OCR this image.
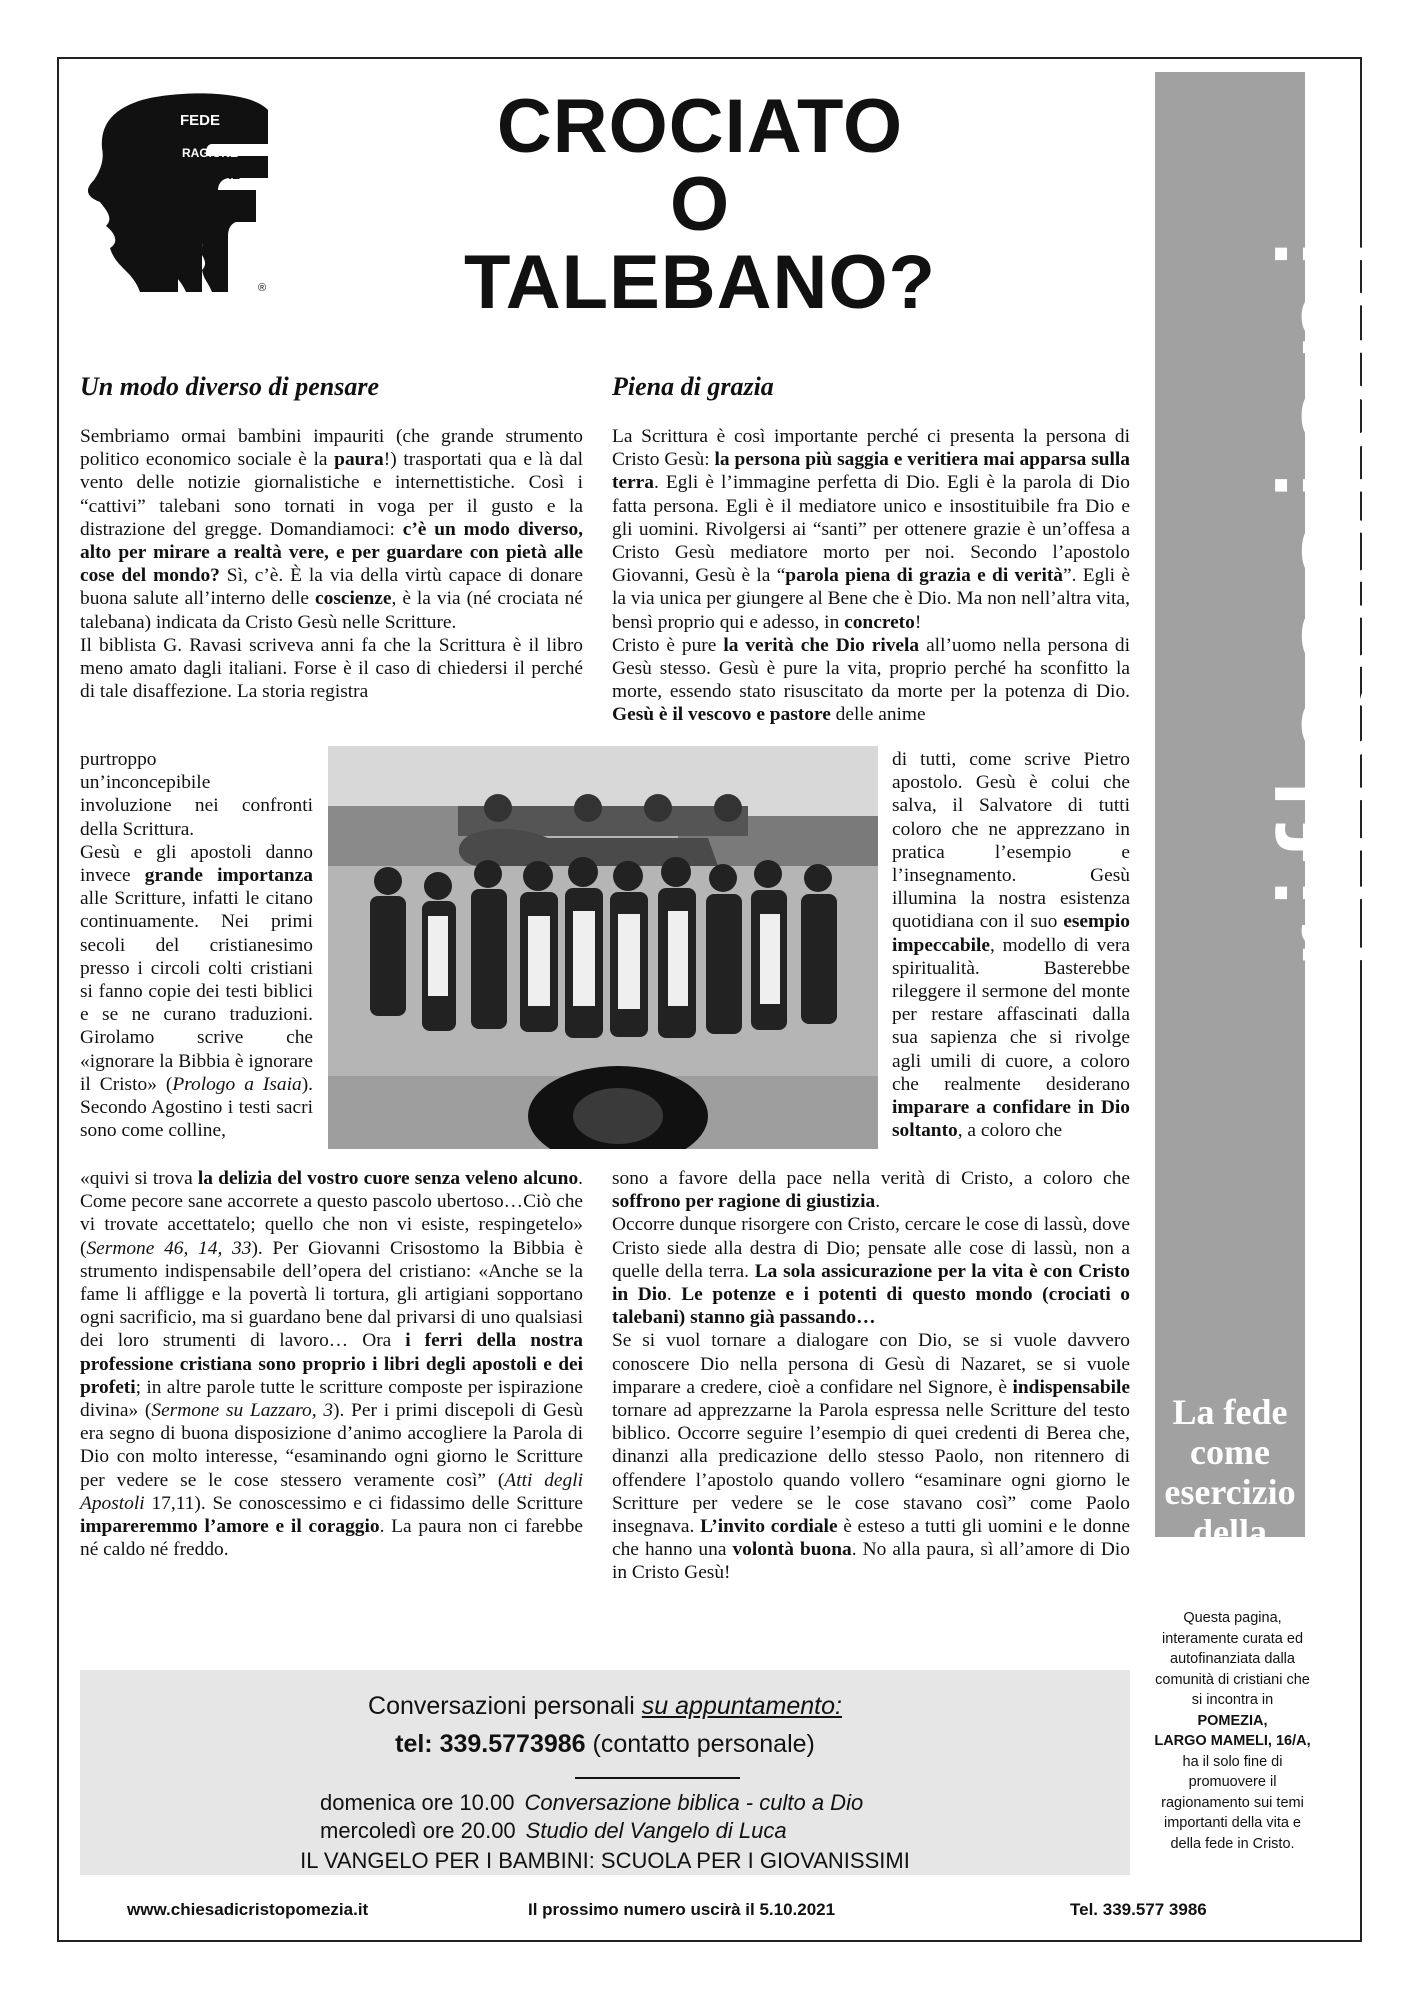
FEDE
RAGIONE
RAGIONE
FEDE
®
CROCIATO
O
TALEBANO?	riflessioni
La fede
come
esercizio
della
mente
Un modo diverso di pensare	Piena di grazia

Sembriamo ormai bambini impauriti (che grande strumento politico economico sociale è la paura!) trasportati qua e là dal vento delle notizie giornalistiche e internettistiche. Così i “cattivi” talebani sono tornati in voga per il gusto e la distrazione del gregge. Domandiamoci: c’è un modo diverso, alto per mirare a realtà vere, e per guardare con pietà alle cose del mondo? Sì, c’è. È la via della virtù capace di donare buona salute all’interno delle coscienze, è la via (né crociata né talebana) indicata da Cristo Gesù nelle Scritture.

Il biblista G. Ravasi scriveva anni fa che la Scrittura è il libro meno amato dagli italiani. Forse è il caso di chiedersi il perché di tale disaffezione. La storia registra

purtroppo
un’inconcepibile
involuzione nei confronti della Scrittura.

Gesù e gli apostoli danno invece grande importanza alle Scritture, infatti le citano continuamente. Nei primi secoli del cristianesimo presso i circoli colti cristiani si fanno copie dei testi biblici e se ne curano traduzioni. Girolamo scrive che «ignorare la Bibbia è ignorare il Cristo» (Prologo a Isaia). Secondo Agostino i testi sacri sono come colline,

«quivi si trova la delizia del vostro cuore senza veleno alcuno. Come pecore sane accorrete a questo pascolo ubertoso…Ciò che vi trovate accettatelo; quello che non vi esiste, respingetelo» (Sermone 46, 14, 33). Per Giovanni Crisostomo la Bibbia è strumento indispensabile dell’opera del cristiano: «Anche se la fame li affligge e la povertà li tortura, gli artigiani sopportano ogni sacrificio, ma si guardano bene dal privarsi di uno qualsiasi dei loro strumenti di lavoro… Ora i ferri della nostra professione cristiana sono proprio i libri degli apostoli e dei profeti; in altre parole tutte le scritture composte per ispirazione divina» (Sermone su Lazzaro, 3). Per i primi discepoli di Gesù era segno di buona disposizione d’animo accogliere la Parola di Dio con molto interesse, “esaminando ogni giorno le Scritture per vedere se le cose stessero veramente così” (Atti degli Apostoli 17,11). Se conoscessimo e ci fidassimo delle Scritture impareremmo l’amore e il coraggio. La paura non ci farebbe né caldo né freddo.

La Scrittura è così importante perché ci presenta la persona di Cristo Gesù: la persona più saggia e veritiera mai apparsa sulla terra. Egli è l’immagine perfetta di Dio. Egli è la parola di Dio fatta persona. Egli è il mediatore unico e insostituibile fra Dio e gli uomini. Rivolgersi ai “santi” per ottenere grazie è un’offesa a Cristo Gesù mediatore morto per noi. Secondo l’apostolo Giovanni, Gesù è la “parola piena di grazia e di verità”. Egli è la via unica per giungere al Bene che è Dio. Ma non nell’altra vita, bensì proprio qui e adesso, in concreto!

Cristo è pure la verità che Dio rivela all’uomo nella persona di Gesù stesso. Gesù è pure la vita, proprio perché ha sconfitto la morte, essendo stato risuscitato da morte per la potenza di Dio. Gesù è il vescovo e pastore delle anime

di tutti, come scrive Pietro apostolo. Gesù è colui che salva, il Salvatore di tutti coloro che ne apprezzano in pratica l’esempio e l’insegnamento. Gesù illumina la nostra esistenza quotidiana con il suo esempio impeccabile, modello di vera spiritualità. Basterebbe rileggere il sermone del monte per restare affascinati dalla sua sapienza che si rivolge agli umili di cuore, a coloro che realmente desiderano imparare a confidare in Dio soltanto, a coloro che

sono a favore della pace nella verità di Cristo, a coloro che soffrono per ragione di giustizia.

Occorre dunque risorgere con Cristo, cercare le cose di lassù, dove Cristo siede alla destra di Dio; pensate alle cose di lassù, non a quelle della terra. La sola assicurazione per la vita è con Cristo in Dio. Le potenze e i potenti di questo mondo (crociati o talebani) stanno già passando…

Se si vuol tornare a dialogare con Dio, se si vuole davvero conoscere Dio nella persona di Gesù di Nazaret, se si vuole imparare a credere, cioè a confidare nel Signore, è indispensabile tornare ad apprezzarne la Parola espressa nelle Scritture del testo biblico. Occorre seguire l’esempio di quei credenti di Berea che, dinanzi alla predicazione dello stesso Paolo, non ritennero di offendere l’apostolo quando vollero “esaminare ogni giorno le Scritture per vedere se le cose stavano così” come Paolo insegnava. L’invito cordiale è esteso a tutti gli uomini e le donne che hanno una volontà buona. No alla paura, sì all’amore di Dio in Cristo Gesù!

Questa pagina, interamente curata ed autofinanziata dalla comunità di cristiani che si incontra in
POMEZIA,
LARGO MAMELI, 16/A,
ha il solo fine di promuovere il ragionamento sui temi importanti della vita e della fede in Cristo.
Conversazioni personali su appuntamento:
tel: 339.5773986 (contatto personale)
domenica ore 10.00 Conversazione biblica - culto a Dio
mercoledì ore 20.00 Studio del Vangelo di Luca
IL VANGELO PER I BAMBINI: SCUOLA PER I GIOVANISSIMI
www.chiesadicristopomezia.it	Il prossimo numero uscirà il 5.10.2021	Tel. 339.577 3986
